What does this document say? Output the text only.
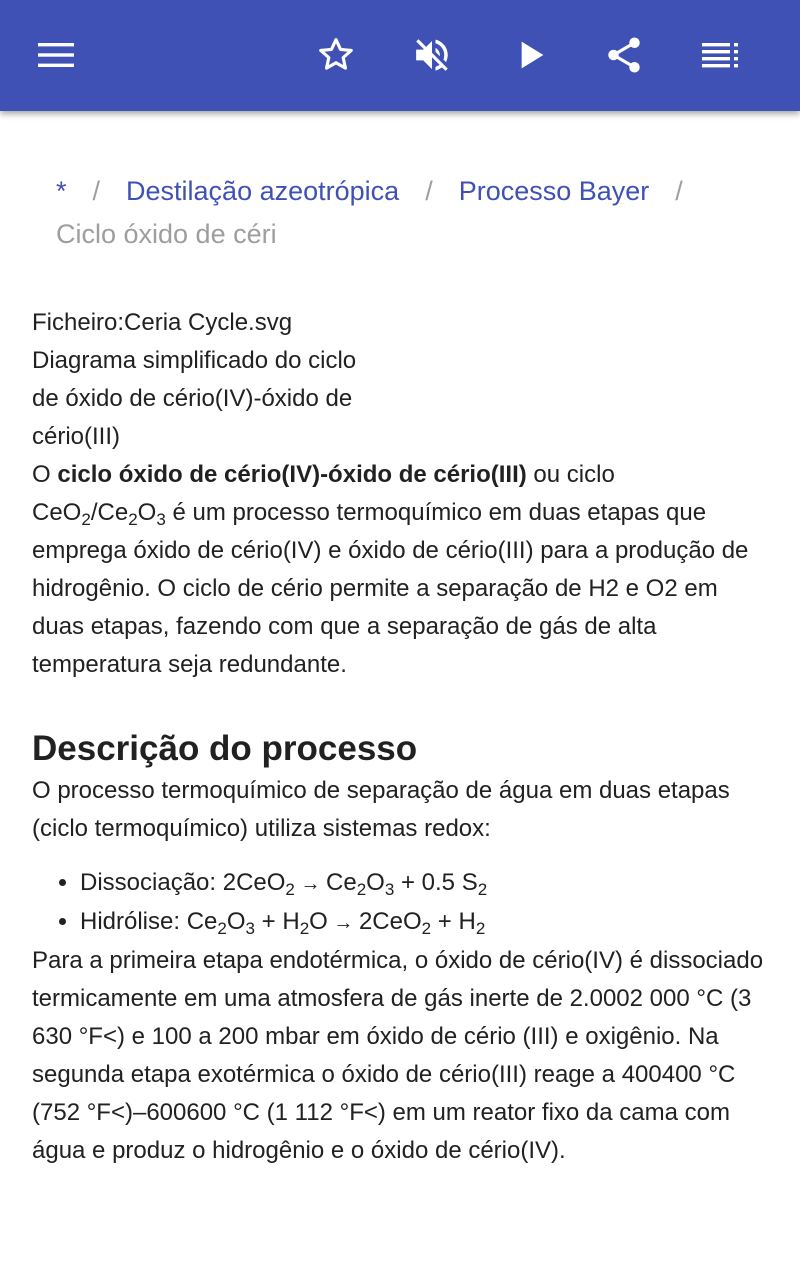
* / Destilação azeotrópica / Processo Bayer /
Ciclo óxido de céri
Ficheiro:Ceria Cycle.svg
Diagrama simplificado do ciclo
de óxido de cério(IV)-óxido de
cério(III)

O ciclo óxido de cério(IV)-óxido de cério(III) ou ciclo
$CeO_2/Ce_2O_3$ é um processo termoquímico em duas etapas que emprega óxido de cério(IV) e óxido de cério(III) para a produção de hidrogênio. O ciclo de cério permite a separação de H2 e O2 em duas etapas, fazendo com que a separação de gás de alta temperatura seja redundante.

Descrição do processo

O processo termoquímico de separação de água em duas etapas (ciclo termoquímico) utiliza sistemas redox:

• Dissociação: $2CeO_2 \to Ce_2O_3 + 0.5$ $S_2$
• Hidrólise: $Ce_2O_3 + H_2O \to 2CeO_2 + H_2$

Para a primeira etapa endotérmica, o óxido de cério(IV) é dissociado termicamente em uma atmosfera de gás inerte de 2.0002 000 °C (3 630 °F<) e 100 a 200 mbar em óxido de cério (III) e oxigênio. Na segunda etapa exotérmica o óxido de cério(III) reage a 400400 °C (752 °F<)–600600 °C (1 112 °F<) em um reator fixo da cama com água e produz o hidrogênio e o óxido de cério(IV).
